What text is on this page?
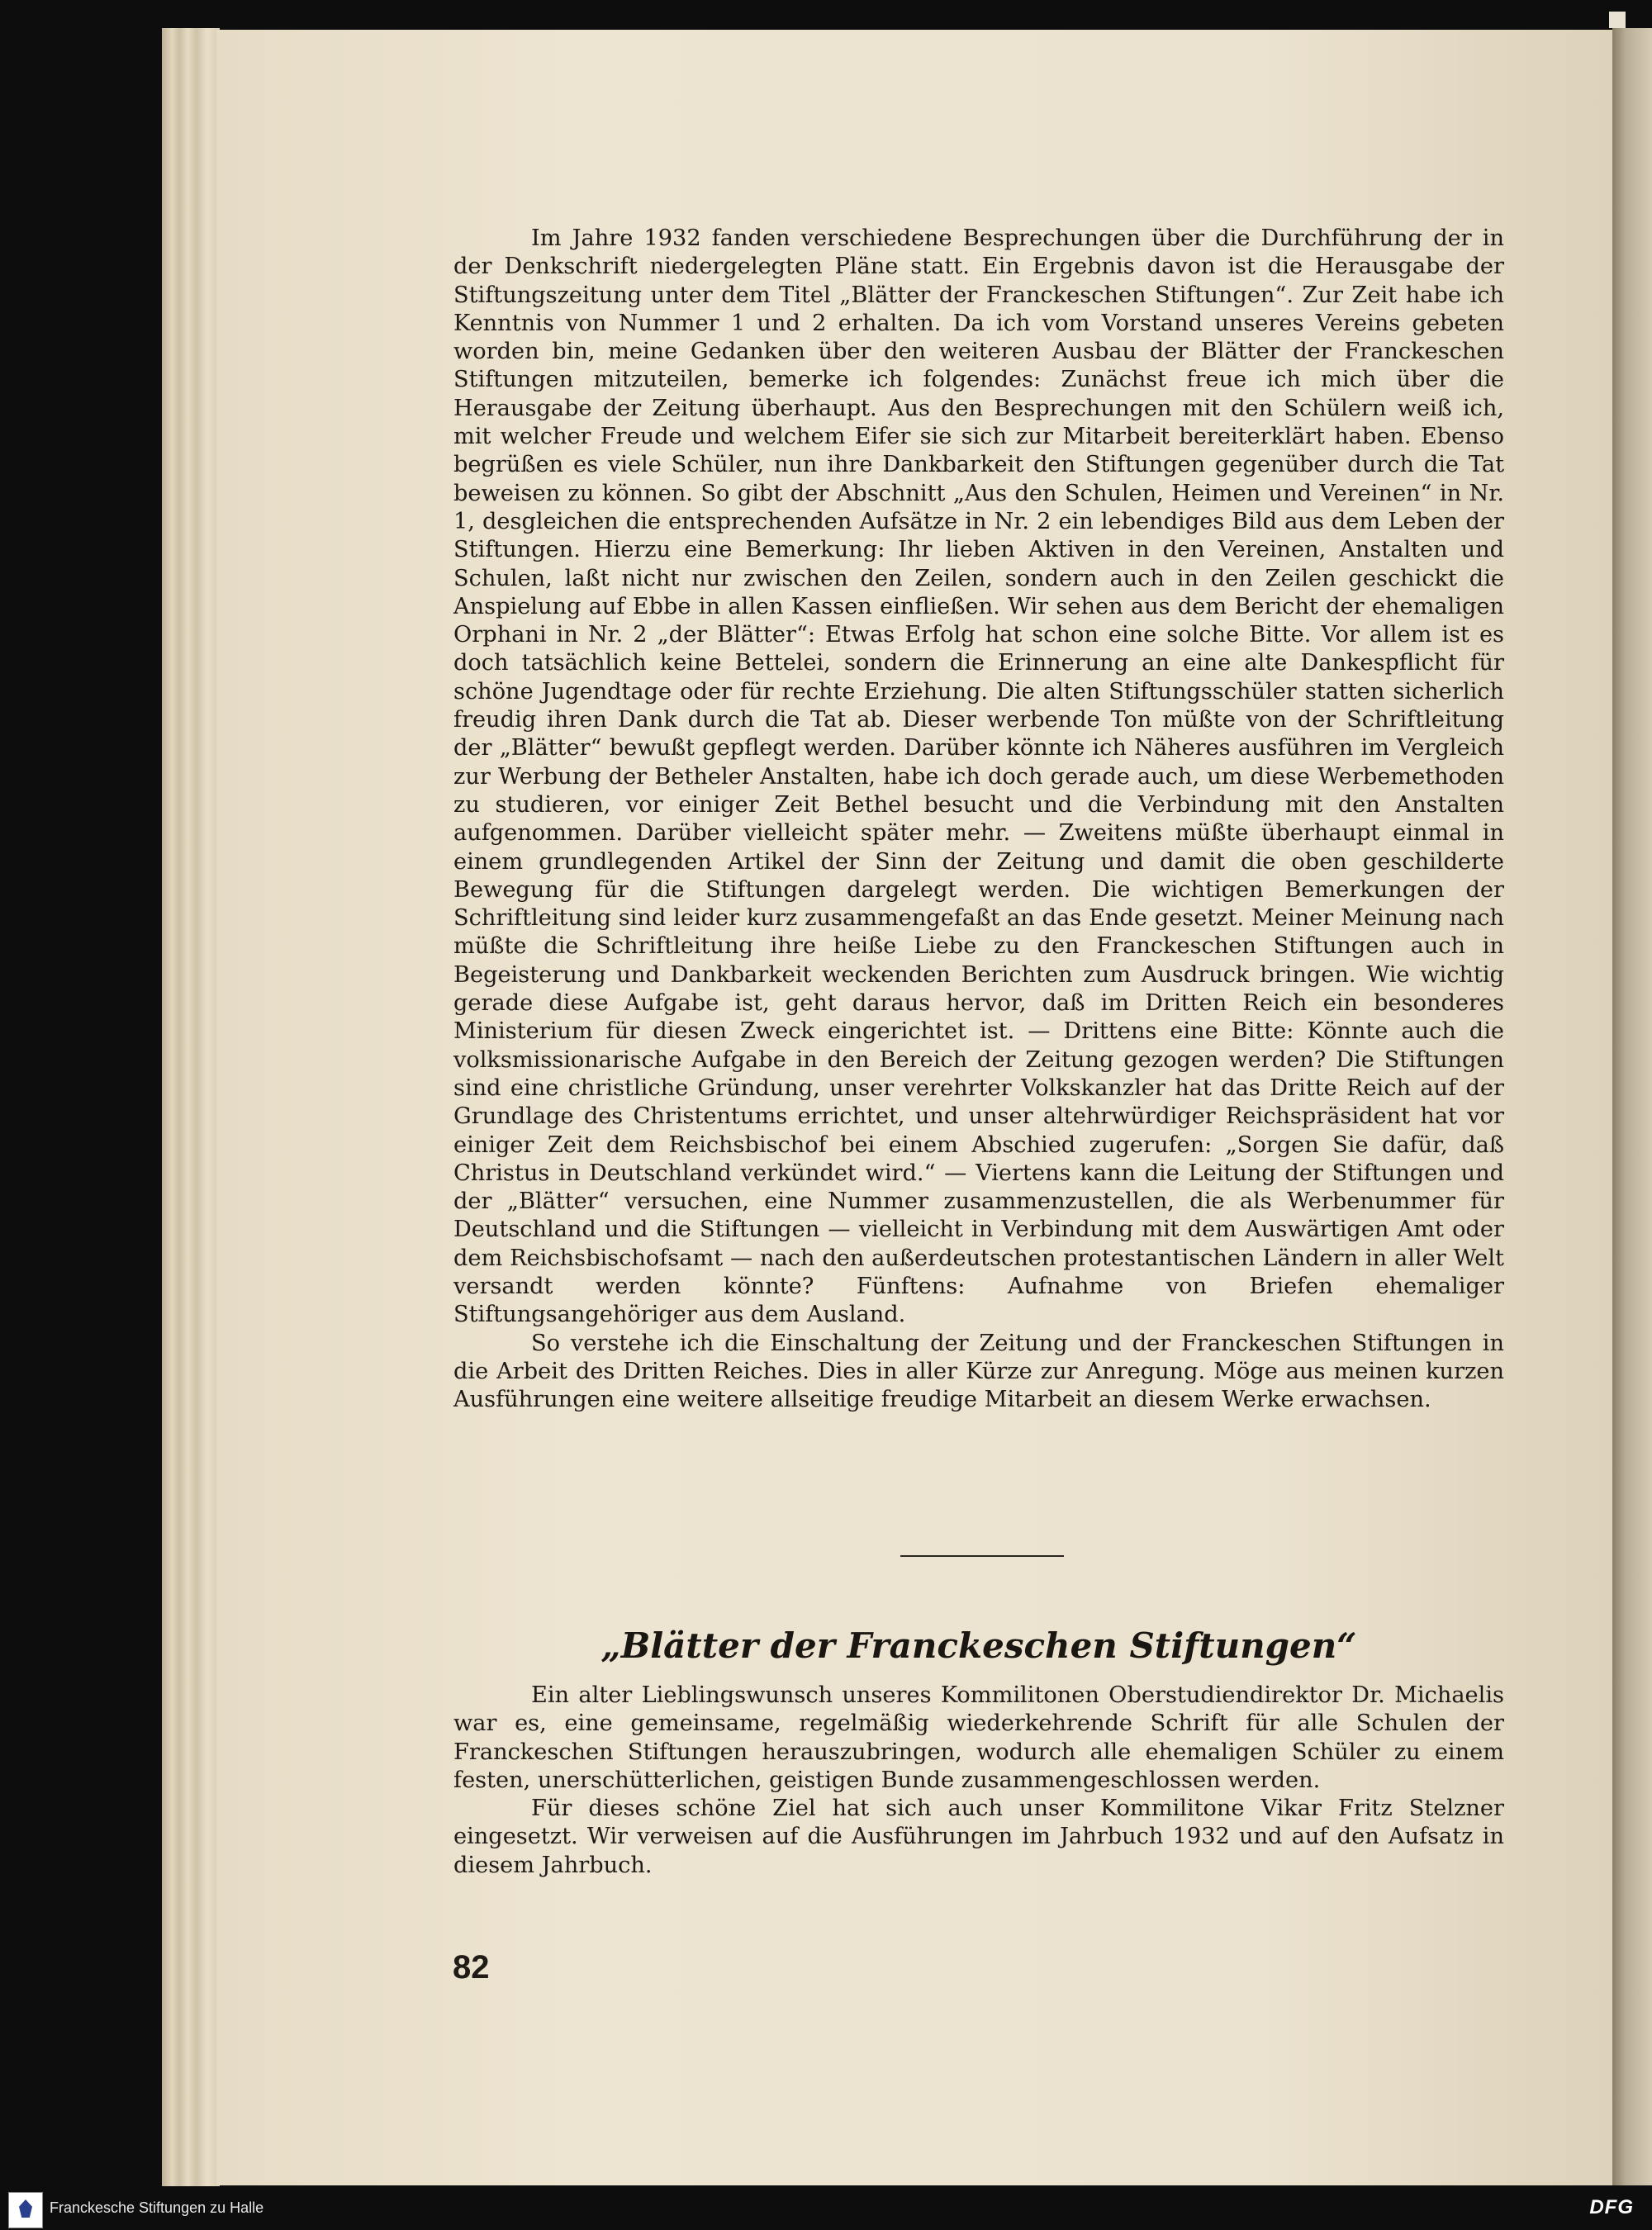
Im Jahre 1932 fanden verschiedene Besprechungen über die Durchführung der in der Denkschrift niedergelegten Pläne statt. Ein Ergebnis davon ist die Herausgabe der Stiftungszeitung unter dem Titel „Blätter der Franckeschen Stiftungen“. Zur Zeit habe ich Kenntnis von Nummer 1 und 2 erhalten. Da ich vom Vorstand unseres Vereins gebeten worden bin, meine Gedanken über den weiteren Ausbau der Blätter der Franckeschen Stiftungen mitzuteilen, bemerke ich folgendes: Zunächst freue ich mich über die Herausgabe der Zeitung überhaupt. Aus den Besprechungen mit den Schülern weiß ich, mit welcher Freude und welchem Eifer sie sich zur Mitarbeit bereiterklärt haben. Ebenso begrüßen es viele Schüler, nun ihre Dankbarkeit den Stiftungen gegenüber durch die Tat beweisen zu können. So gibt der Abschnitt „Aus den Schulen, Heimen und Vereinen“ in Nr. 1, desgleichen die entsprechenden Aufsätze in Nr. 2 ein lebendiges Bild aus dem Leben der Stiftungen. Hierzu eine Bemerkung: Ihr lieben Aktiven in den Vereinen, Anstalten und Schulen, laßt nicht nur zwischen den Zeilen, sondern auch in den Zeilen geschickt die Anspielung auf Ebbe in allen Kassen einfließen. Wir sehen aus dem Bericht der ehemaligen Orphani in Nr. 2 „der Blätter“: Etwas Erfolg hat schon eine solche Bitte. Vor allem ist es doch tatsächlich keine Bettelei, sondern die Erinnerung an eine alte Dankespflicht für schöne Jugendtage oder für rechte Erziehung. Die alten Stiftungsschüler statten sicherlich freudig ihren Dank durch die Tat ab. Dieser werbende Ton müßte von der Schriftleitung der „Blätter“ bewußt gepflegt werden. Darüber könnte ich Näheres ausführen im Vergleich zur Werbung der Betheler Anstalten, habe ich doch gerade auch, um diese Werbemethoden zu studieren, vor einiger Zeit Bethel besucht und die Verbindung mit den Anstalten aufgenommen. Darüber vielleicht später mehr. — Zweitens müßte überhaupt einmal in einem grundlegenden Artikel der Sinn der Zeitung und damit die oben geschilderte Bewegung für die Stiftungen dargelegt werden. Die wichtigen Bemerkungen der Schriftleitung sind leider kurz zusammengefaßt an das Ende gesetzt. Meiner Meinung nach müßte die Schriftleitung ihre heiße Liebe zu den Franckeschen Stiftungen auch in Begeisterung und Dankbarkeit weckenden Berichten zum Ausdruck bringen. Wie wichtig gerade diese Aufgabe ist, geht daraus hervor, daß im Dritten Reich ein besonderes Ministerium für diesen Zweck eingerichtet ist. — Drittens eine Bitte: Könnte auch die volksmissionarische Aufgabe in den Bereich der Zeitung gezogen werden? Die Stiftungen sind eine christliche Gründung, unser verehrter Volkskanzler hat das Dritte Reich auf der Grundlage des Christentums errichtet, und unser altehrwürdiger Reichspräsident hat vor einiger Zeit dem Reichsbischof bei einem Abschied zugerufen: „Sorgen Sie dafür, daß Christus in Deutschland verkündet wird.“ — Viertens kann die Leitung der Stiftungen und der „Blätter“ versuchen, eine Nummer zusammenzustellen, die als Werbenummer für Deutschland und die Stiftungen — vielleicht in Verbindung mit dem Auswärtigen Amt oder dem Reichsbischofsamt — nach den außerdeutschen protestantischen Ländern in aller Welt versandt werden könnte? Fünftens: Aufnahme von Briefen ehemaliger Stiftungsangehöriger aus dem Ausland.

So verstehe ich die Einschaltung der Zeitung und der Franckeschen Stiftungen in die Arbeit des Dritten Reiches. Dies in aller Kürze zur Anregung. Möge aus meinen kurzen Ausführungen eine weitere allseitige freudige Mitarbeit an diesem Werke erwachsen.

„Blätter der Franckeschen Stiftungen“

Ein alter Lieblingswunsch unseres Kommilitonen Oberstudiendirektor Dr. Michaelis war es, eine gemeinsame, regelmäßig wiederkehrende Schrift für alle Schulen der Franckeschen Stiftungen herauszubringen, wodurch alle ehemaligen Schüler zu einem festen, unerschütterlichen, geistigen Bunde zusammengeschlossen werden.

Für dieses schöne Ziel hat sich auch unser Kommilitone Vikar Fritz Stelzner eingesetzt. Wir verweisen auf die Ausführungen im Jahrbuch 1932 und auf den Aufsatz in diesem Jahrbuch.

82
Franckesche Stiftungen zu Halle	DFG
